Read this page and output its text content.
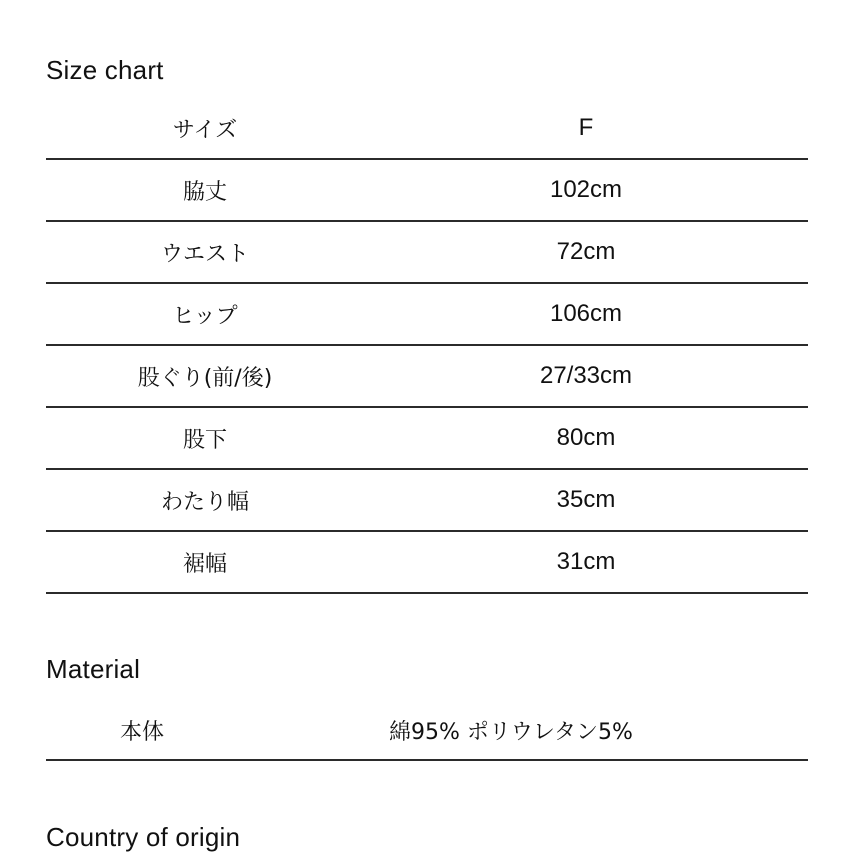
Size chart
サイズ	F
脇丈	102cm
ウエスト	72cm
ヒップ	106cm
股ぐり(前/後)	27/33cm
股下	80cm
わたり幅	35cm
裾幅	31cm
Material
本体	綿95% ポリウレタン5%
Country of origin
